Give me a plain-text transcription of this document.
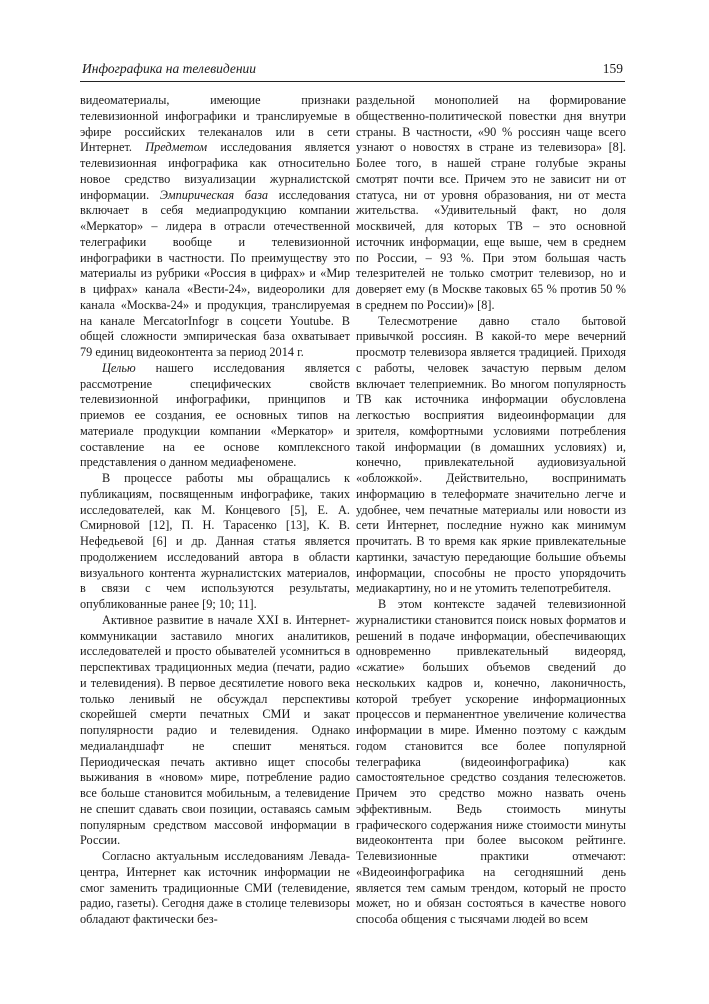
Инфографика на телевидении	159

видеоматериалы, имеющие признаки телевизионной инфографики и транслируемые в эфире российских телеканалов или в сети Интернет. Предметом исследования является телевизионная инфографика как относительно новое средство визуализации журналистской информации. Эмпирическая база исследования включает в себя медиапродукцию компании «Меркатор» – лидера в отрасли отечественной телеграфики вообще и телевизионной инфографики в частности. По преимуществу это материалы из рубрики «Россия в цифрах» и «Мир в цифрах» канала «Вести-24», видеоролики для канала «Москва-24» и продукция, транслируемая на канале MercatorInfogr в соцсети Youtube. В общей сложности эмпирическая база охватывает 79 единиц видеоконтента за период 2014 г.

Целью нашего исследования является рассмотрение специфических свойств телевизионной инфографики, принципов и приемов ее создания, ее основных типов на материале продукции компании «Меркатор» и составление на ее основе комплексного представления о данном медиафеномене.

В процессе работы мы обращались к публикациям, посвященным инфографике, таких исследователей, как М. Концевого [5], Е. А. Смирновой [12], П. Н. Тарасенко [13], К. В. Нефедьевой [6] и др. Данная статья является продолжением исследований автора в области визуального контента журналистских материалов, в связи с чем используются результаты, опубликованные ранее [9; 10; 11].

Активное развитие в начале XXI в. Интернет-коммуникации заставило многих аналитиков, исследователей и просто обывателей усомниться в перспективах традиционных медиа (печати, радио и телевидения). В первое десятилетие нового века только ленивый не обсуждал перспективы скорейшей смерти печатных СМИ и закат популярности радио и телевидения. Однако медиаландшафт не спешит меняться. Периодическая печать активно ищет способы выживания в «новом» мире, потребление радио все больше становится мобильным, а телевидение не спешит сдавать свои позиции, оставаясь самым популярным средством массовой информации в России.

Согласно актуальным исследованиям Левада-центра, Интернет как источник информации не смог заменить традиционные СМИ (телевидение, радио, газеты). Сегодня даже в столице телевизоры обладают фактически без-

раздельной монополией на формирование общественно-политической повестки дня внутри страны. В частности, «90 % россиян чаще всего узнают о новостях в стране из телевизора» [8]. Более того, в нашей стране голубые экраны смотрят почти все. Причем это не зависит ни от статуса, ни от уровня образования, ни от места жительства. «Удивительный факт, но доля москвичей, для которых ТВ – это основной источник информации, еще выше, чем в среднем по России, – 93 %. При этом большая часть телезрителей не только смотрит телевизор, но и доверяет ему (в Москве таковых 65 % против 50 % в среднем по России)» [8].

Телесмотрение давно стало бытовой привычкой россиян. В какой-то мере вечерний просмотр телевизора является традицией. Приходя с работы, человек зачастую первым делом включает телеприемник. Во многом популярность ТВ как источника информации обусловлена легкостью восприятия видеоинформации для зрителя, комфортными условиями потребления такой информации (в домашних условиях) и, конечно, привлекательной аудиовизуальной «обложкой». Действительно, воспринимать информацию в телеформате значительно легче и удобнее, чем печатные материалы или новости из сети Интернет, последние нужно как минимум прочитать. В то время как яркие привлекательные картинки, зачастую передающие большие объемы информации, способны не просто упорядочить медиакартину, но и не утомить телепотребителя.

В этом контексте задачей телевизионной журналистики становится поиск новых форматов и решений в подаче информации, обеспечивающих одновременно привлекательный видеоряд, «сжатие» больших объемов сведений до нескольких кадров и, конечно, лаконичность, которой требует ускорение информационных процессов и перманентное увеличение количества информации в мире. Именно поэтому с каждым годом становится все более популярной телеграфика (видеоинфографика) как самостоятельное средство создания телесюжетов. Причем это средство можно назвать очень эффективным. Ведь стоимость минуты графического содержания ниже стоимости минуты видеоконтента при более высоком рейтинге. Телевизионные практики отмечают: «Видеоинфографика на сегодняшний день является тем самым трендом, который не просто может, но и обязан состояться в качестве нового способа общения с тысячами людей во всем
